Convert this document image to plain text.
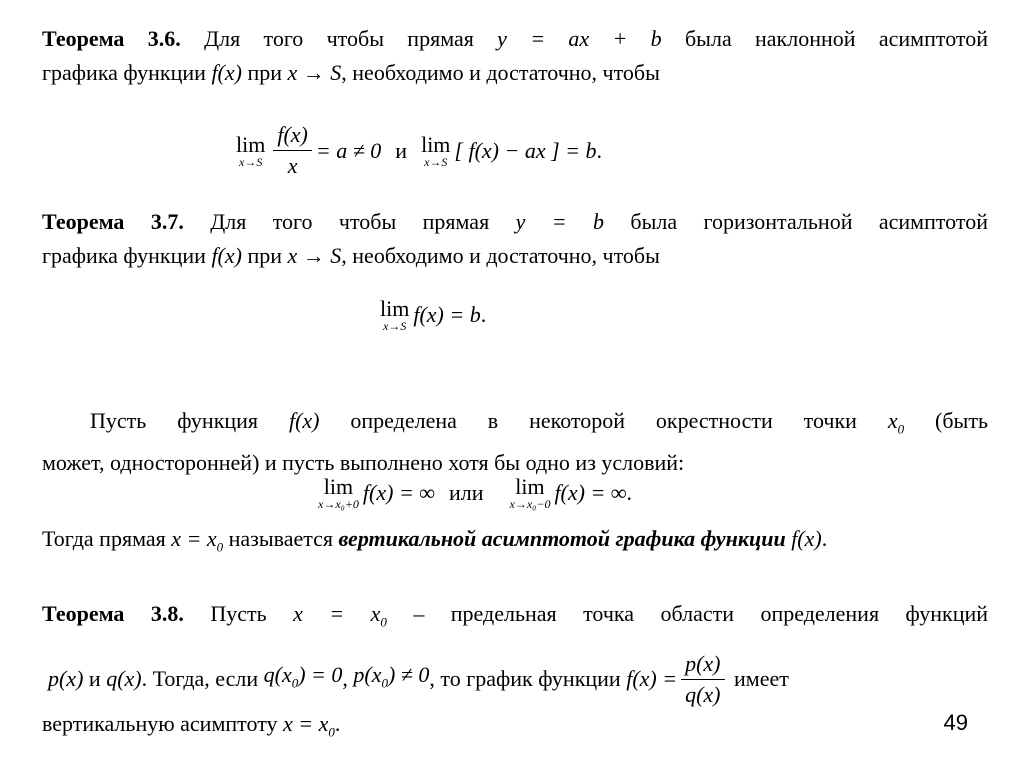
Теорема 3.6. Для того чтобы прямая y = ax + b была наклонной асимптотой
графика функции f(x) при x → S, необходимо и достаточно, чтобы
lim
$x\to S \frac{f(x)}{x} = a \ne 0$ и lim
x→S [ f(x) − ax ] = b .
Теорема 3.7. Для того чтобы прямая y = b была горизонтальной асимптотой
графика функции f(x) при x → S, необходимо и достаточно, чтобы
lim
x→S f(x) = b .
Пусть функция f(x) определена в некоторой окрестности точки $x_0$ (быть
может, односторонней) и пусть выполнено хотя бы одно из условий:
lim
x→x₀+0 f(x) = ∞ или lim
x→x₀−0 f(x) = ∞ .
Тогда прямая $x = x_0$ называется вертикальной асимптотой графика функции f(x).
Теорема 3.8. Пусть $x = x_0$ – предельная точка области определения функций
p(x) и q(x) . Тогда, если $q(x_0) = 0$ , $p(x_0) \ne 0$ , то график функции $f(x) = \frac{p(x)}{q(x)}$ имеет
вертикальную асимптоту $x = x_0$.	49
